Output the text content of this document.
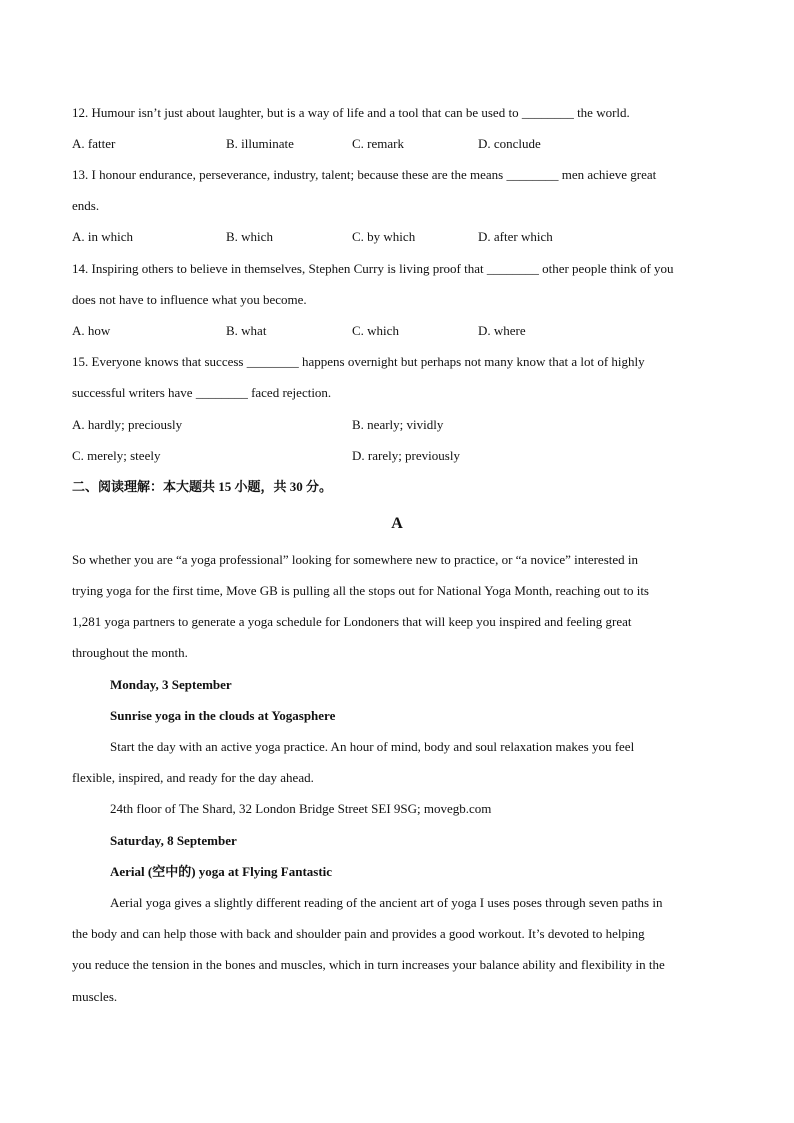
12. Humour isn’t just about laughter, but is a way of life and a tool that can be used to ________ the world.
A. fatter	B. illuminate	C. remark	D. conclude
13. I honour endurance, perseverance, industry, talent; because these are the means ________ men achieve great
ends.
A. in which	B. which	C. by which	D. after which
14. Inspiring others to believe in themselves, Stephen Curry is living proof that ________ other people think of you
does not have to influence what you become.
A. how	B. what	C. which	D. where
15. Everyone knows that success ________ happens overnight but perhaps not many know that a lot of highly
successful writers have ________ faced rejection.
A. hardly; preciously	B. nearly; vividly
C. merely; steely	D. rarely; previously
二、阅读理解：本大题共 15 小题，共 30 分。
A
So whether you are “a yoga professional” looking for somewhere new to practice, or “a novice” interested in
trying yoga for the first time, Move GB is pulling all the stops out for National Yoga Month, reaching out to its
1,281 yoga partners to generate a yoga schedule for Londoners that will keep you inspired and feeling great
throughout the month.
Monday, 3 September
Sunrise yoga in the clouds at Yogasphere
Start the day with an active yoga practice. An hour of mind, body and soul relaxation makes you feel
flexible, inspired, and ready for the day ahead.
24th floor of The Shard, 32 London Bridge Street SEI 9SG; movegb.com
Saturday, 8 September
Aerial (空中的) yoga at Flying Fantastic
Aerial yoga gives a slightly different reading of the ancient art of yoga I uses poses through seven paths in
the body and can help those with back and shoulder pain and provides a good workout. It’s devoted to helping
you reduce the tension in the bones and muscles, which in turn increases your balance ability and flexibility in the
muscles.
